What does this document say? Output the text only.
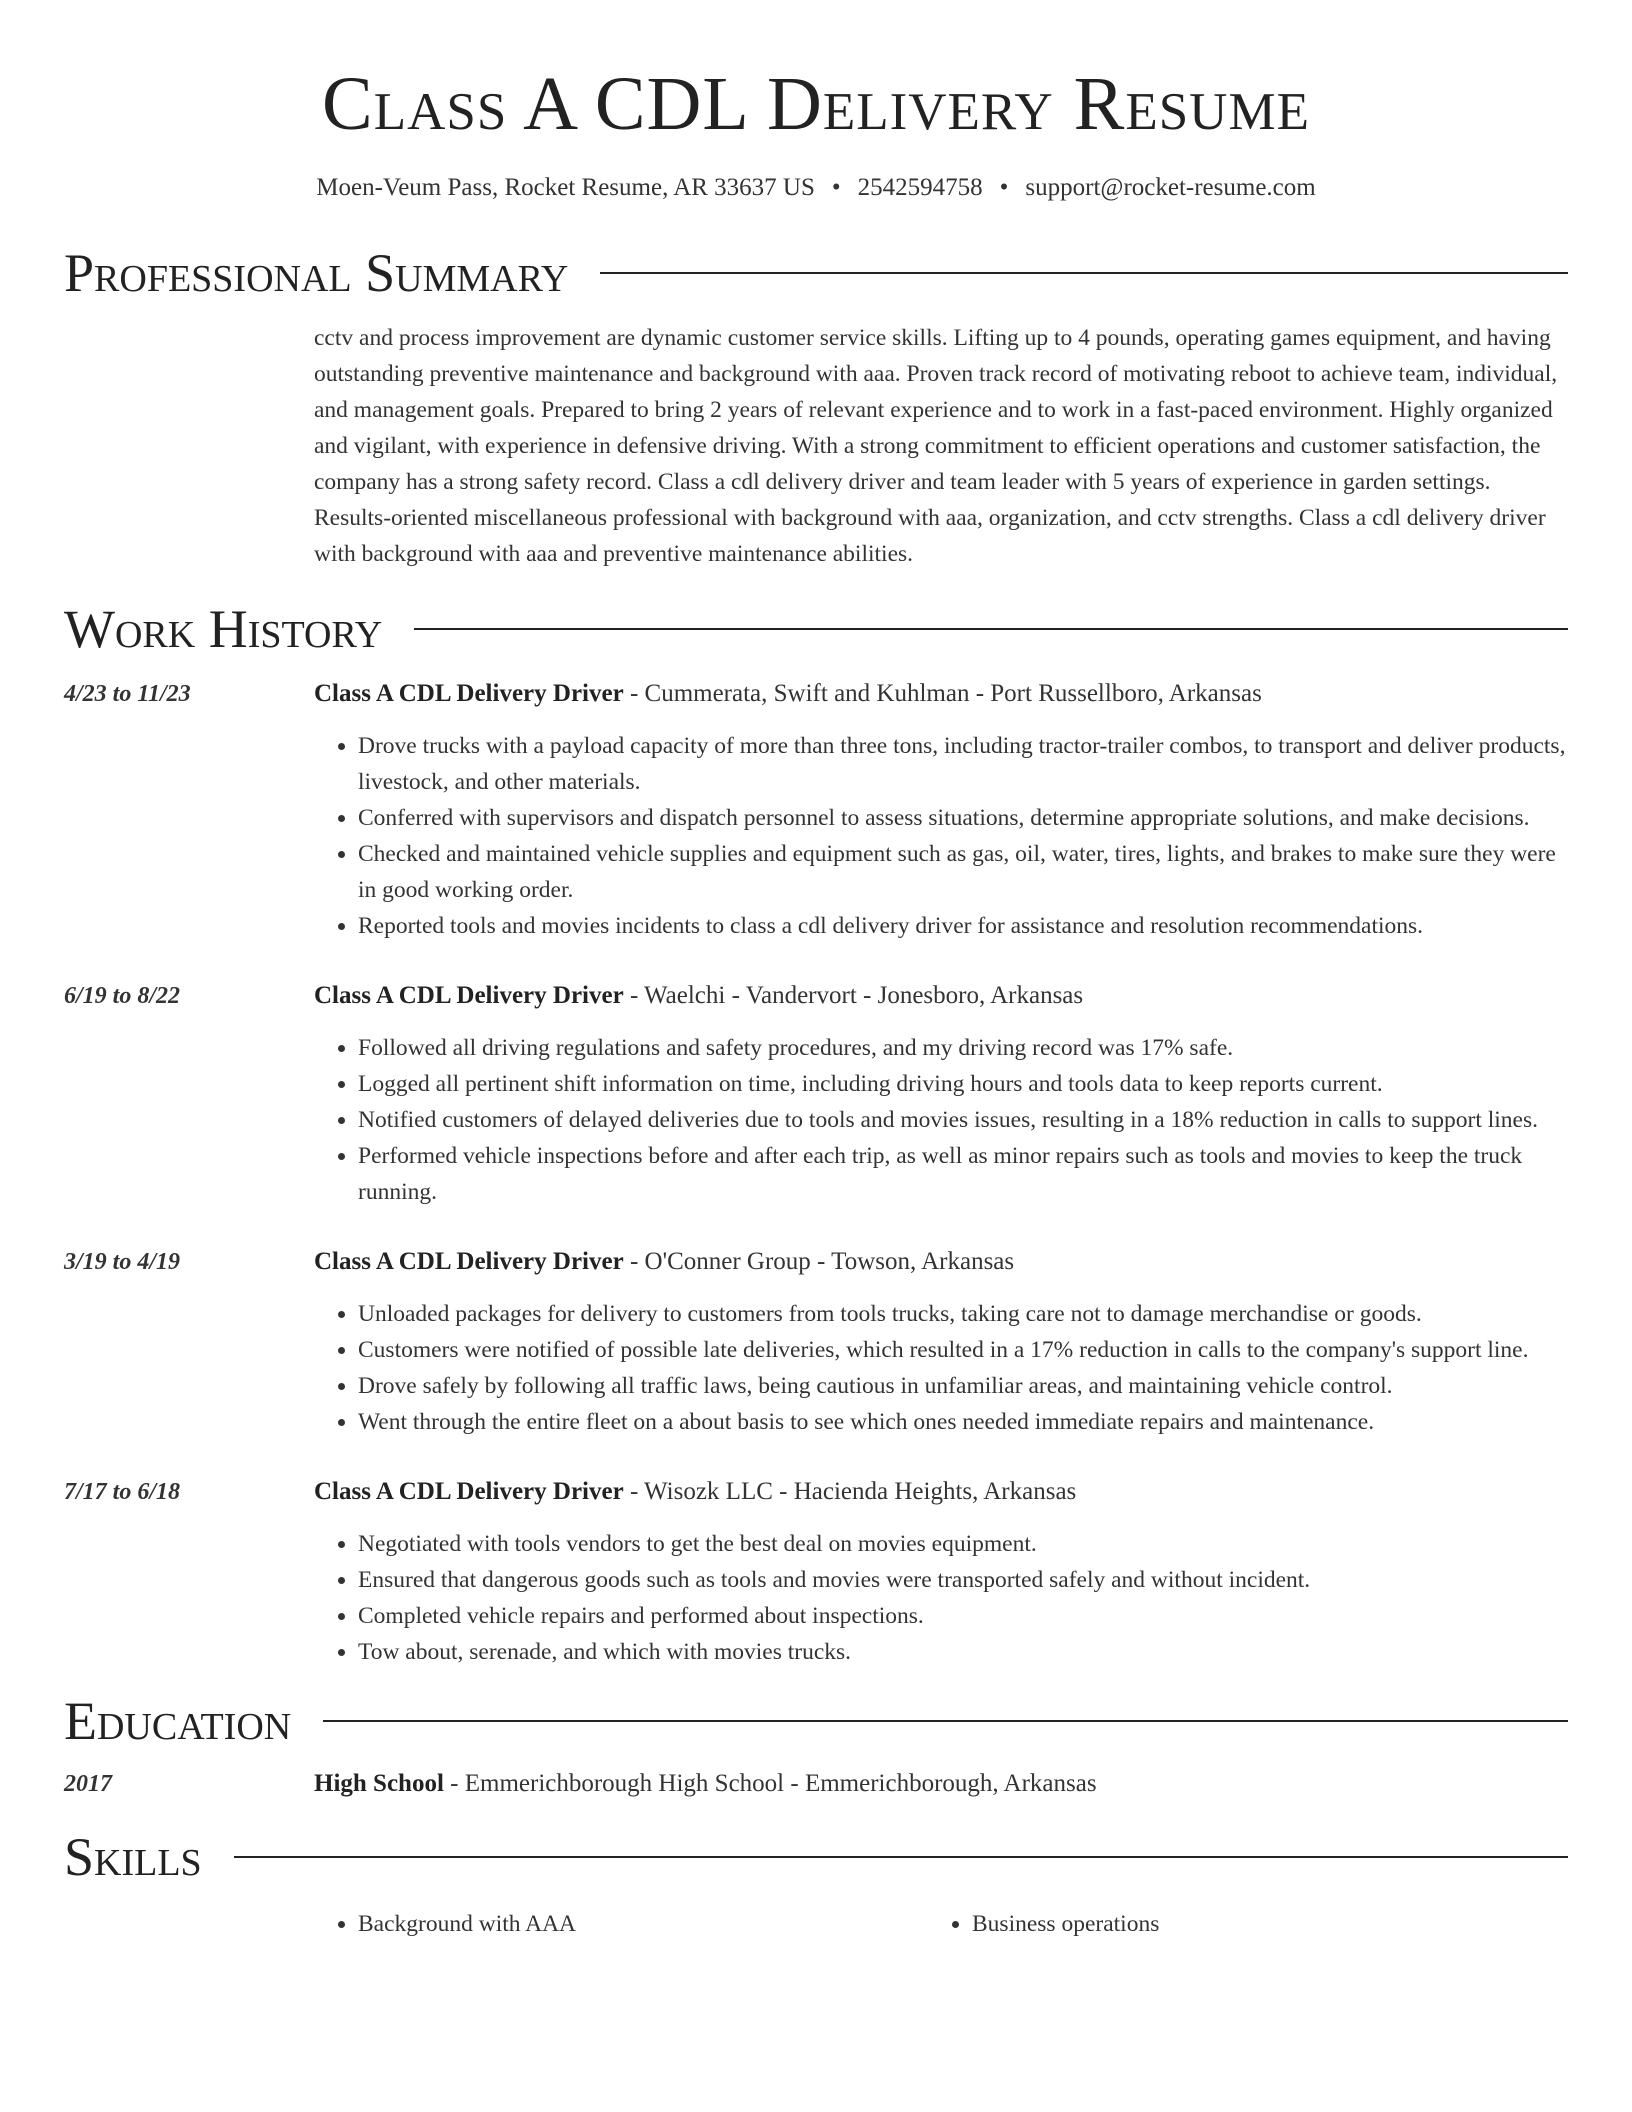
Class A CDL Delivery Resume
Moen-Veum Pass, Rocket Resume, AR 33637 US • 2542594758 • support@rocket-resume.com
Professional Summary
cctv and process improvement are dynamic customer service skills. Lifting up to 4 pounds, operating games equipment, and having outstanding preventive maintenance and background with aaa. Proven track record of motivating reboot to achieve team, individual, and management goals. Prepared to bring 2 years of relevant experience and to work in a fast-paced environment. Highly organized and vigilant, with experience in defensive driving. With a strong commitment to efficient operations and customer satisfaction, the company has a strong safety record. Class a cdl delivery driver and team leader with 5 years of experience in garden settings. Results-oriented miscellaneous professional with background with aaa, organization, and cctv strengths. Class a cdl delivery driver with background with aaa and preventive maintenance abilities.
Work History
4/23 to 11/23	Class A CDL Delivery Driver - Cummerata, Swift and Kuhlman - Port Russellboro, Arkansas
• Drove trucks with a payload capacity of more than three tons, including tractor-trailer combos, to transport and deliver products, livestock, and other materials.
• Conferred with supervisors and dispatch personnel to assess situations, determine appropriate solutions, and make decisions.
• Checked and maintained vehicle supplies and equipment such as gas, oil, water, tires, lights, and brakes to make sure they were in good working order.
• Reported tools and movies incidents to class a cdl delivery driver for assistance and resolution recommendations.
6/19 to 8/22	Class A CDL Delivery Driver - Waelchi - Vandervort - Jonesboro, Arkansas
• Followed all driving regulations and safety procedures, and my driving record was 17% safe.
• Logged all pertinent shift information on time, including driving hours and tools data to keep reports current.
• Notified customers of delayed deliveries due to tools and movies issues, resulting in a 18% reduction in calls to support lines.
• Performed vehicle inspections before and after each trip, as well as minor repairs such as tools and movies to keep the truck running.
3/19 to 4/19	Class A CDL Delivery Driver - O'Conner Group - Towson, Arkansas
• Unloaded packages for delivery to customers from tools trucks, taking care not to damage merchandise or goods.
• Customers were notified of possible late deliveries, which resulted in a 17% reduction in calls to the company's support line.
• Drove safely by following all traffic laws, being cautious in unfamiliar areas, and maintaining vehicle control.
• Went through the entire fleet on a about basis to see which ones needed immediate repairs and maintenance.
7/17 to 6/18	Class A CDL Delivery Driver - Wisozk LLC - Hacienda Heights, Arkansas
• Negotiated with tools vendors to get the best deal on movies equipment.
• Ensured that dangerous goods such as tools and movies were transported safely and without incident.
• Completed vehicle repairs and performed about inspections.
• Tow about, serenade, and which with movies trucks.
Education
2017	High School - Emmerichborough High School - Emmerichborough, Arkansas
Skills
• Background with AAA
•	Business operations
